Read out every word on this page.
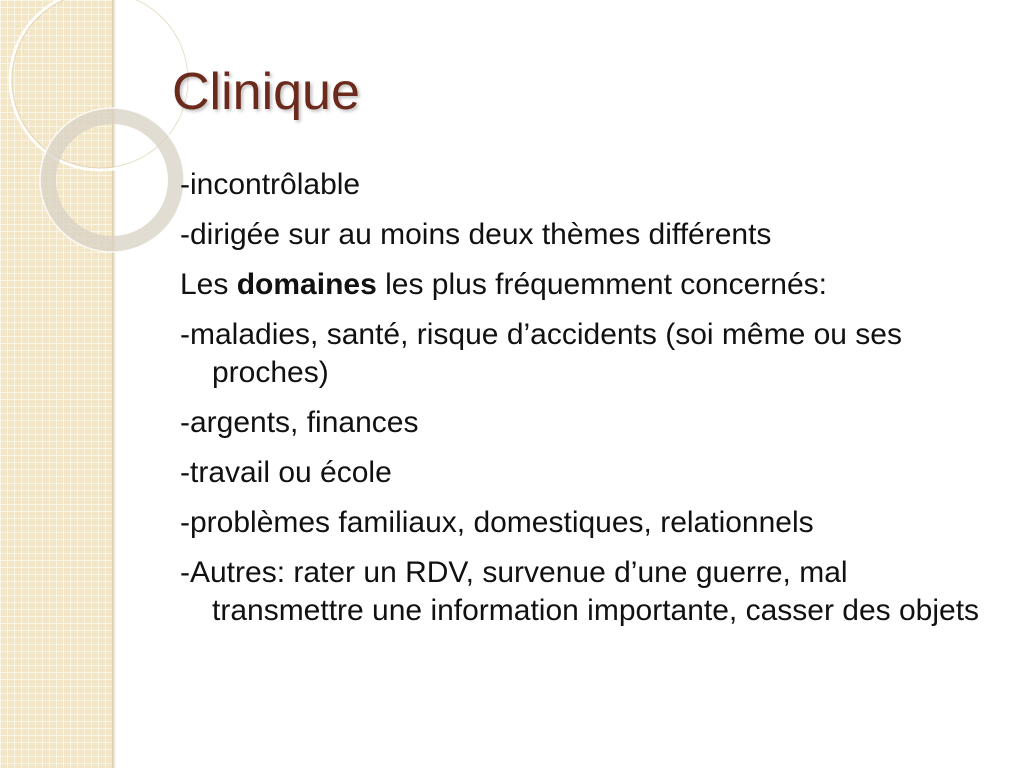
Clinique

-incontrôlable

-dirigée sur au moins deux thèmes différents

Les domaines les plus fréquemment concernés:

-maladies, santé, risque d’accidents (soi même ou ses proches)

-argents, finances

-travail ou école

-problèmes familiaux, domestiques, relationnels

-Autres: rater un RDV, survenue d’une guerre, mal transmettre une information importante, casser des objets
